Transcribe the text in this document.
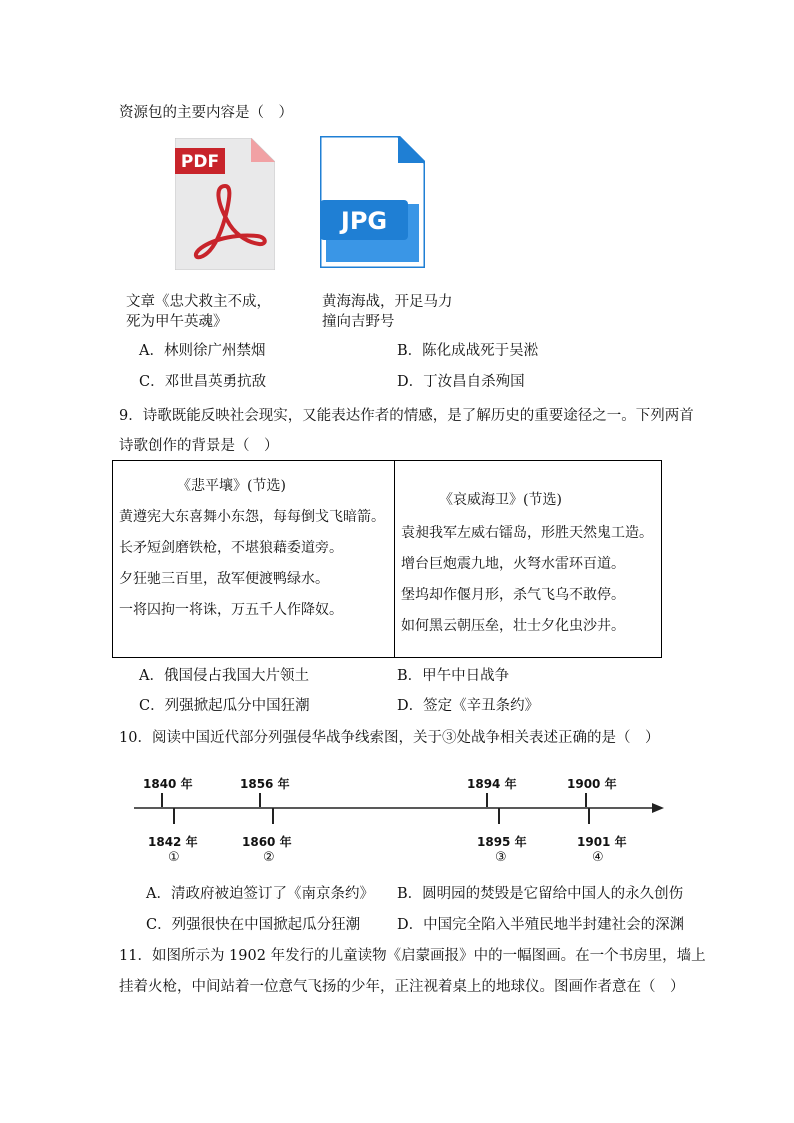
资源包的主要内容是（　）
PDF
JPG
文章《忠犬救主不成，
死为甲午英魂》
黄海海战，开足马力
撞向吉野号
A．林则徐广州禁烟	B．陈化成战死于吴淞
C．邓世昌英勇抗敌	D．丁汝昌自杀殉国
9．诗歌既能反映社会现实，又能表达作者的情感，是了解历史的重要途径之一。下列两首
诗歌创作的背景是（　）
《悲平壤》(节选)
黄遵宪大东喜舞小东怨，每每倒戈飞暗箭。
长矛短剑磨铁枪，不堪狼藉委道旁。
夕狂驰三百里，敌军便渡鸭绿水。
一将囚拘一将诛，万五千人作降奴。
《哀威海卫》(节选)
袁昶我军左威右镭岛，形胜天然鬼工造。
增台巨炮震九地，火弩水雷环百道。
堡坞却作偃月形，杀气飞乌不敢停。
如何黑云朝压垒，壮士夕化虫沙井。
A．俄国侵占我国大片领土	B．甲午中日战争
C．列强掀起瓜分中国狂潮	D．签定《辛丑条约》
10．阅读中国近代部分列强侵华战争线索图，关于③处战争相关表述正确的是（　）
1840 年	1856 年	1894 年	1900 年
1842 年	1860 年	1895 年	1901 年
①	②	③	④
A．清政府被迫签订了《南京条约》 B．圆明园的焚毁是它留给中国人的永久创伤
C．列强很快在中国掀起瓜分狂潮	D．中国完全陷入半殖民地半封建社会的深渊
11．如图所示为 1902 年发行的儿童读物《启蒙画报》中的一幅图画。在一个书房里，墙上
挂着火枪，中间站着一位意气飞扬的少年，正注视着桌上的地球仪。图画作者意在（　）
